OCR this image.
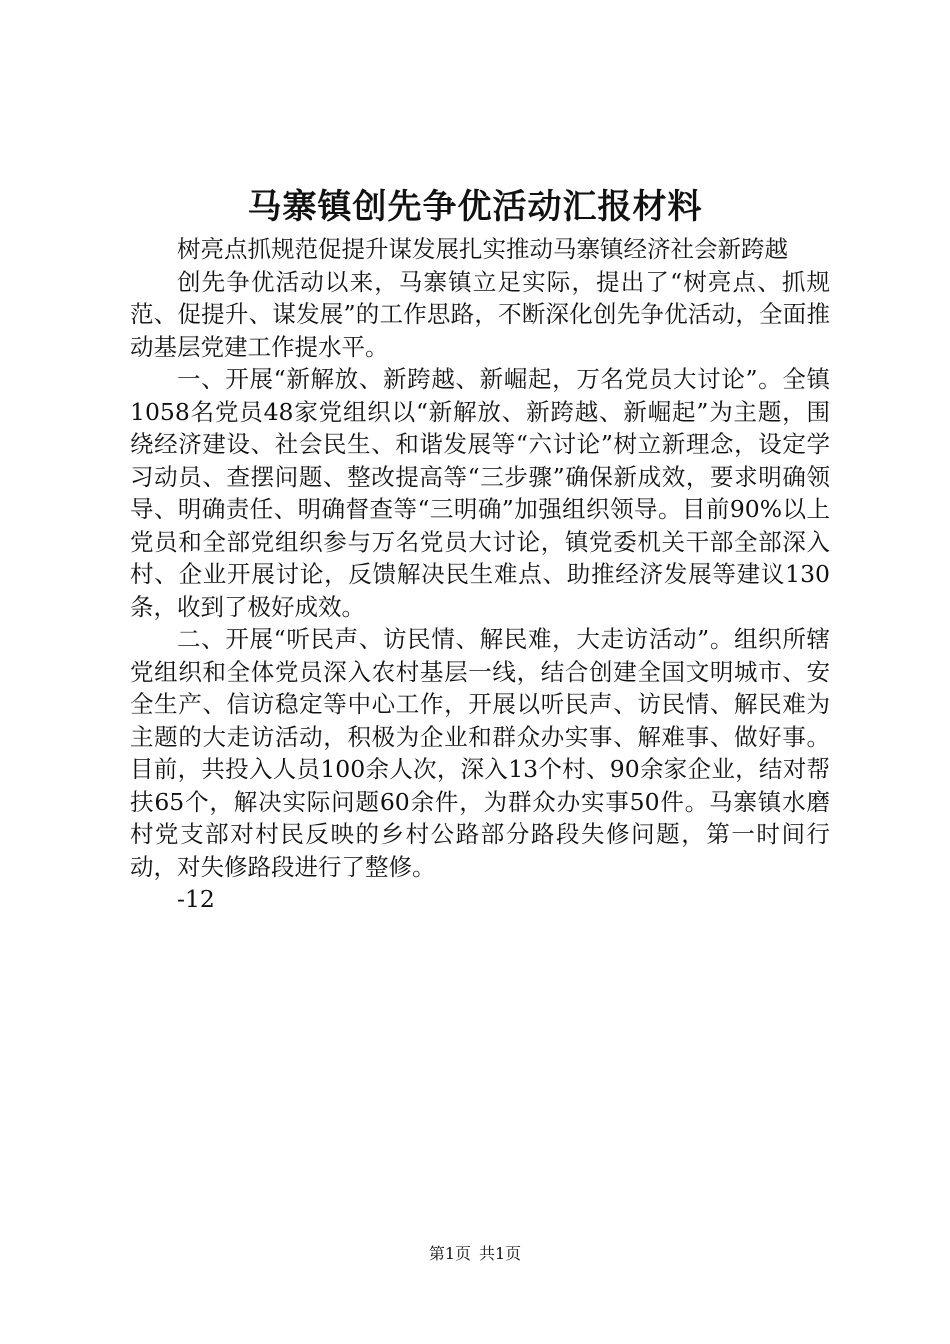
马寨镇创先争优活动汇报材料

树亮点抓规范促提升谋发展扎实推动马寨镇经济社会新跨越

创先争优活动以来，马寨镇立足实际，提出了“树亮点、抓规范、促提升、谋发展”的工作思路，不断深化创先争优活动，全面推动基层党建工作提水平。

一、开展“新解放、新跨越、新崛起，万名党员大讨论”。全镇1058名党员48家党组织以“新解放、新跨越、新崛起”为主题，围绕经济建设、社会民生、和谐发展等“六讨论”树立新理念，设定学习动员、查摆问题、整改提高等“三步骤”确保新成效，要求明确领导、明确责任、明确督查等“三明确”加强组织领导。目前90%以上党员和全部党组织参与万名党员大讨论，镇党委机关干部全部深入村、企业开展讨论，反馈解决民生难点、助推经济发展等建议130条，收到了极好成效。

二、开展“听民声、访民情、解民难，大走访活动”。组织所辖党组织和全体党员深入农村基层一线，结合创建全国文明城市、安全生产、信访稳定等中心工作，开展以听民声、访民情、解民难为主题的大走访活动，积极为企业和群众办实事、解难事、做好事。目前，共投入人员100余人次，深入13个村、90余家企业，结对帮扶65个，解决实际问题60余件，为群众办实事50件。马寨镇水磨村党支部对村民反映的乡村公路部分路段失修问题，第一时间行动，对失修路段进行了整修。

-12

第1页 共1页
